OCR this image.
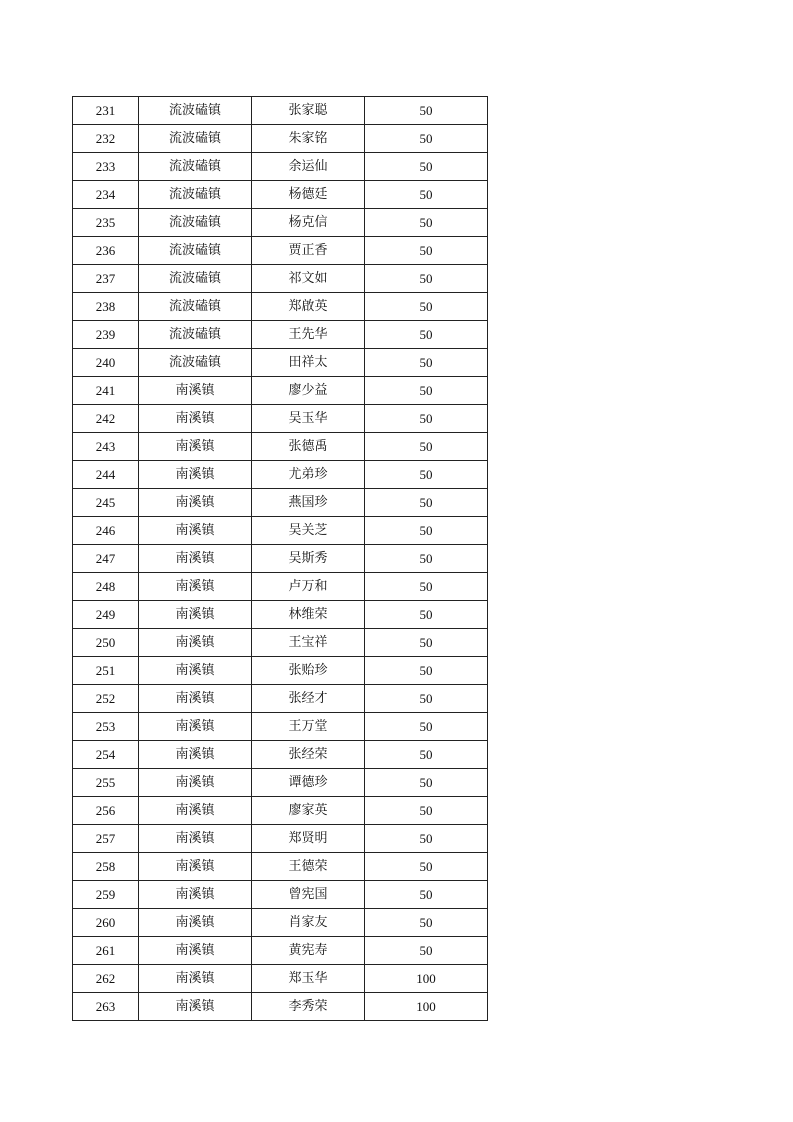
231	流波磕镇	张家聪	50
232	流波磕镇	朱家铭	50
233	流波磕镇	余运仙	50
234	流波磕镇	杨德廷	50
235	流波磕镇	杨克信	50
236	流波磕镇	贾正香	50
237	流波磕镇	祁文如	50
238	流波磕镇	郑啟英	50
239	流波磕镇	王先华	50
240	流波磕镇	田祥太	50
241	南溪镇	廖少益	50
242	南溪镇	吴玉华	50
243	南溪镇	张德禹	50
244	南溪镇	尤弟珍	50
245	南溪镇	燕国珍	50
246	南溪镇	吴关芝	50
247	南溪镇	吴斯秀	50
248	南溪镇	卢万和	50
249	南溪镇	林维荣	50
250	南溪镇	王宝祥	50
251	南溪镇	张贻珍	50
252	南溪镇	张经才	50
253	南溪镇	王万堂	50
254	南溪镇	张经荣	50
255	南溪镇	谭德珍	50
256	南溪镇	廖家英	50
257	南溪镇	郑贤明	50
258	南溪镇	王德荣	50
259	南溪镇	曾宪国	50
260	南溪镇	肖家友	50
261	南溪镇	黄宪寿	50
262	南溪镇	郑玉华	100
263	南溪镇	李秀荣	100
